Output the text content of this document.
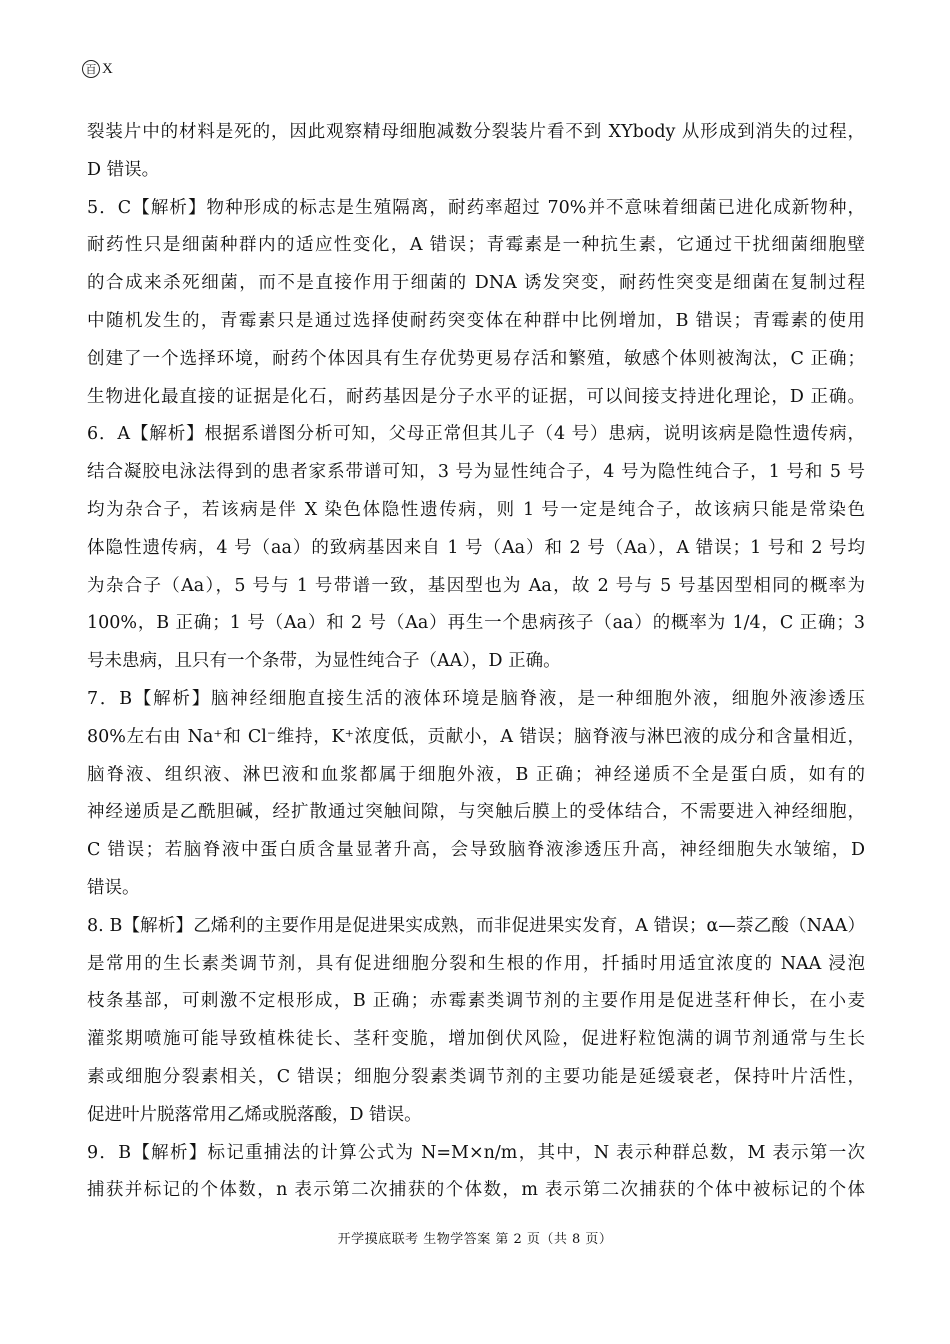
百 X
裂装片中的材料是死的，因此观察精母细胞减数分裂装片看不到 XYbody 从形成到消失的过程，
D 错误。
5．C【解析】物种形成的标志是生殖隔离，耐药率超过 70%并不意味着细菌已进化成新物种，
耐药性只是细菌种群内的适应性变化，A 错误；青霉素是一种抗生素，它通过干扰细菌细胞壁
的合成来杀死细菌，而不是直接作用于细菌的 DNA 诱发突变，耐药性突变是细菌在复制过程
中随机发生的，青霉素只是通过选择使耐药突变体在种群中比例增加，B 错误；青霉素的使用
创建了一个选择环境，耐药个体因具有生存优势更易存活和繁殖，敏感个体则被淘汰，C 正确；
生物进化最直接的证据是化石，耐药基因是分子水平的证据，可以间接支持进化理论，D 正确。
6．A【解析】根据系谱图分析可知，父母正常但其儿子（4 号）患病，说明该病是隐性遗传病，
结合凝胶电泳法得到的患者家系带谱可知，3 号为显性纯合子，4 号为隐性纯合子，1 号和 5 号
均为杂合子，若该病是伴 X 染色体隐性遗传病，则 1 号一定是纯合子，故该病只能是常染色
体隐性遗传病，4 号（aa）的致病基因来自 1 号（Aa）和 2 号（Aa），A 错误；1 号和 2 号均
为杂合子（Aa），5 号与 1 号带谱一致，基因型也为 Aa，故 2 号与 5 号基因型相同的概率为
100%，B 正确；1 号（Aa）和 2 号（Aa）再生一个患病孩子（aa）的概率为 1/4，C 正确；3
号未患病，且只有一个条带，为显性纯合子（AA），D 正确。
7．B【解析】脑神经细胞直接生活的液体环境是脑脊液，是一种细胞外液，细胞外液渗透压
80%左右由 Na⁺和 Cl⁻维持，K⁺浓度低，贡献小，A 错误；脑脊液与淋巴液的成分和含量相近，
脑脊液、组织液、淋巴液和血浆都属于细胞外液，B 正确；神经递质不全是蛋白质，如有的
神经递质是乙酰胆碱，经扩散通过突触间隙，与突触后膜上的受体结合，不需要进入神经细胞，
C 错误；若脑脊液中蛋白质含量显著升高，会导致脑脊液渗透压升高，神经细胞失水皱缩，D
错误。
8. B【解析】乙烯利的主要作用是促进果实成熟，而非促进果实发育，A 错误；α—萘乙酸（NAA）
是常用的生长素类调节剂，具有促进细胞分裂和生根的作用，扦插时用适宜浓度的 NAA 浸泡
枝条基部，可刺激不定根形成，B 正确；赤霉素类调节剂的主要作用是促进茎秆伸长，在小麦
灌浆期喷施可能导致植株徒长、茎秆变脆，增加倒伏风险，促进籽粒饱满的调节剂通常与生长
素或细胞分裂素相关，C 错误；细胞分裂素类调节剂的主要功能是延缓衰老，保持叶片活性，
促进叶片脱落常用乙烯或脱落酸，D 错误。
9．B【解析】标记重捕法的计算公式为 N=M×n/m，其中，N 表示种群总数，M 表示第一次
捕获并标记的个体数，n 表示第二次捕获的个体数，m 表示第二次捕获的个体中被标记的个体
开学摸底联考 生物学答案 第 2 页（共 8 页）
